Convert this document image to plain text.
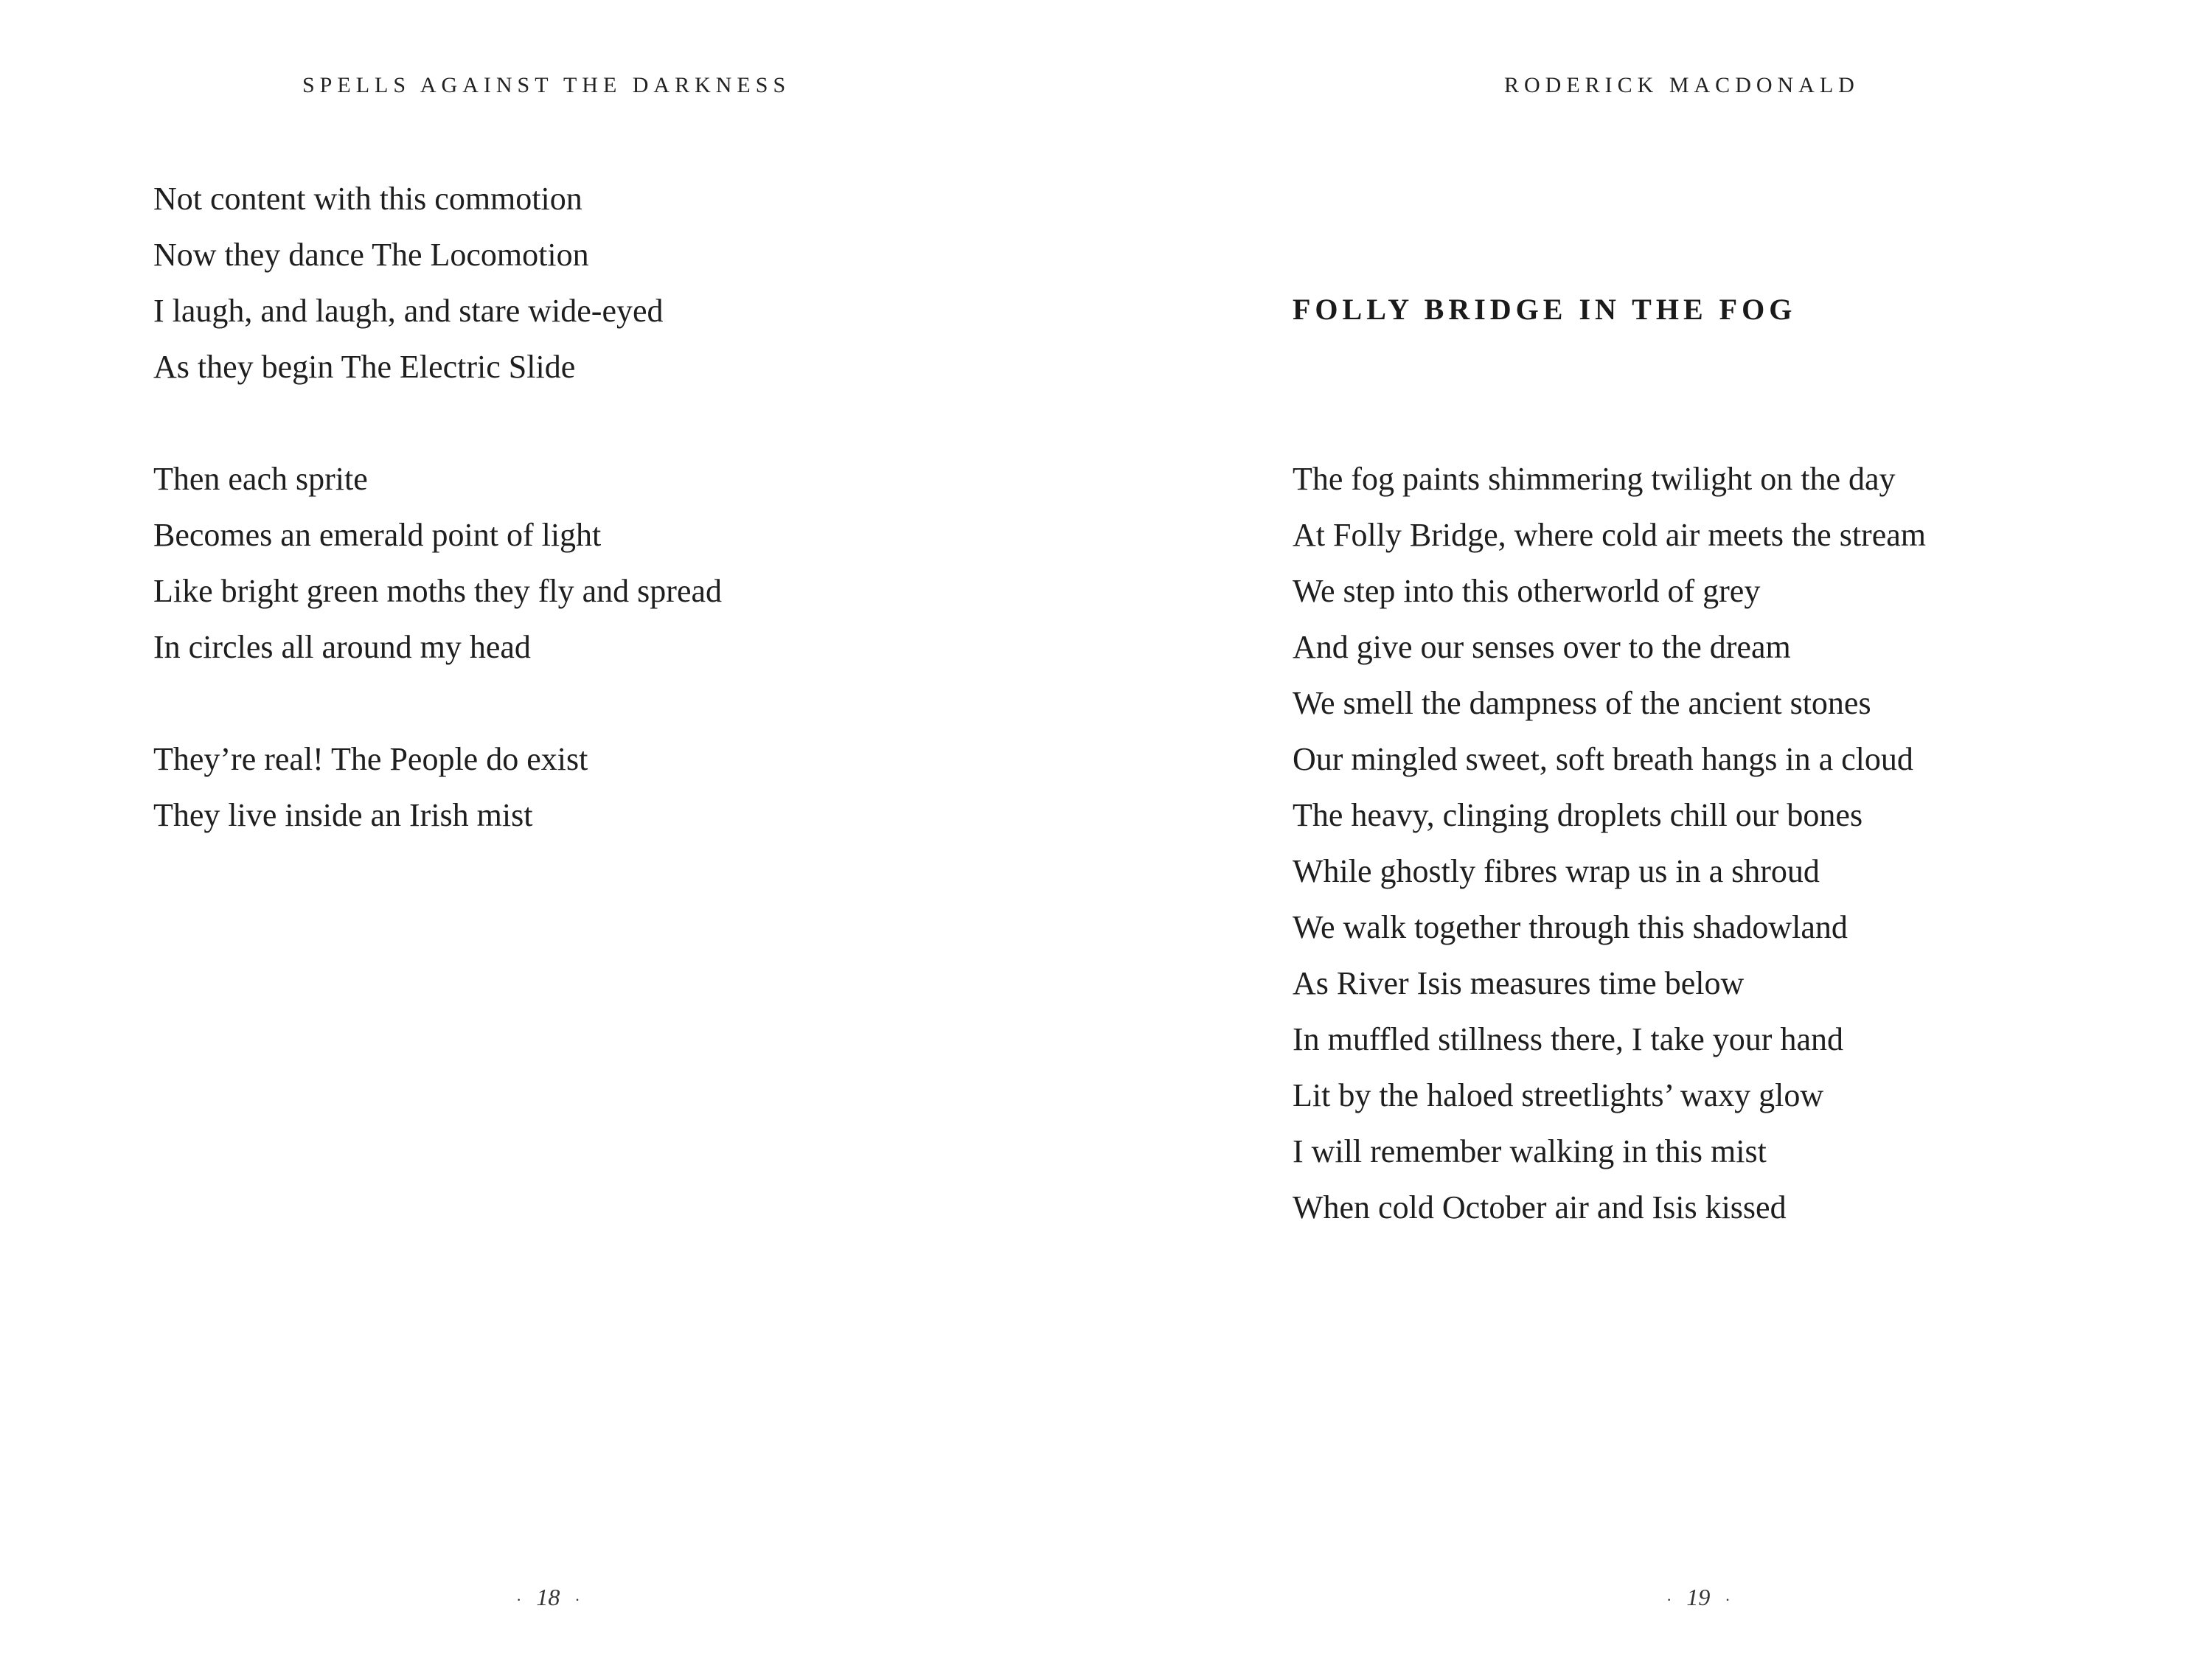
SPELLS AGAINST THE DARKNESS
Not content with this commotion
Now they dance The Locomotion
I laugh, and laugh, and stare wide-eyed
As they begin The Electric Slide
Then each sprite
Becomes an emerald point of light
Like bright green moths they fly and spread
In circles all around my head
They’re real! The People do exist
They live inside an Irish mist
· 18 ·
RODERICK MACDONALD
FOLLY BRIDGE IN THE FOG
The fog paints shimmering twilight on the day
At Folly Bridge, where cold air meets the stream
We step into this otherworld of grey
And give our senses over to the dream
We smell the dampness of the ancient stones
Our mingled sweet, soft breath hangs in a cloud
The heavy, clinging droplets chill our bones
While ghostly fibres wrap us in a shroud
We walk together through this shadowland
As River Isis measures time below
In muffled stillness there, I take your hand
Lit by the haloed streetlights’ waxy glow
I will remember walking in this mist
When cold October air and Isis kissed
· 19 ·
